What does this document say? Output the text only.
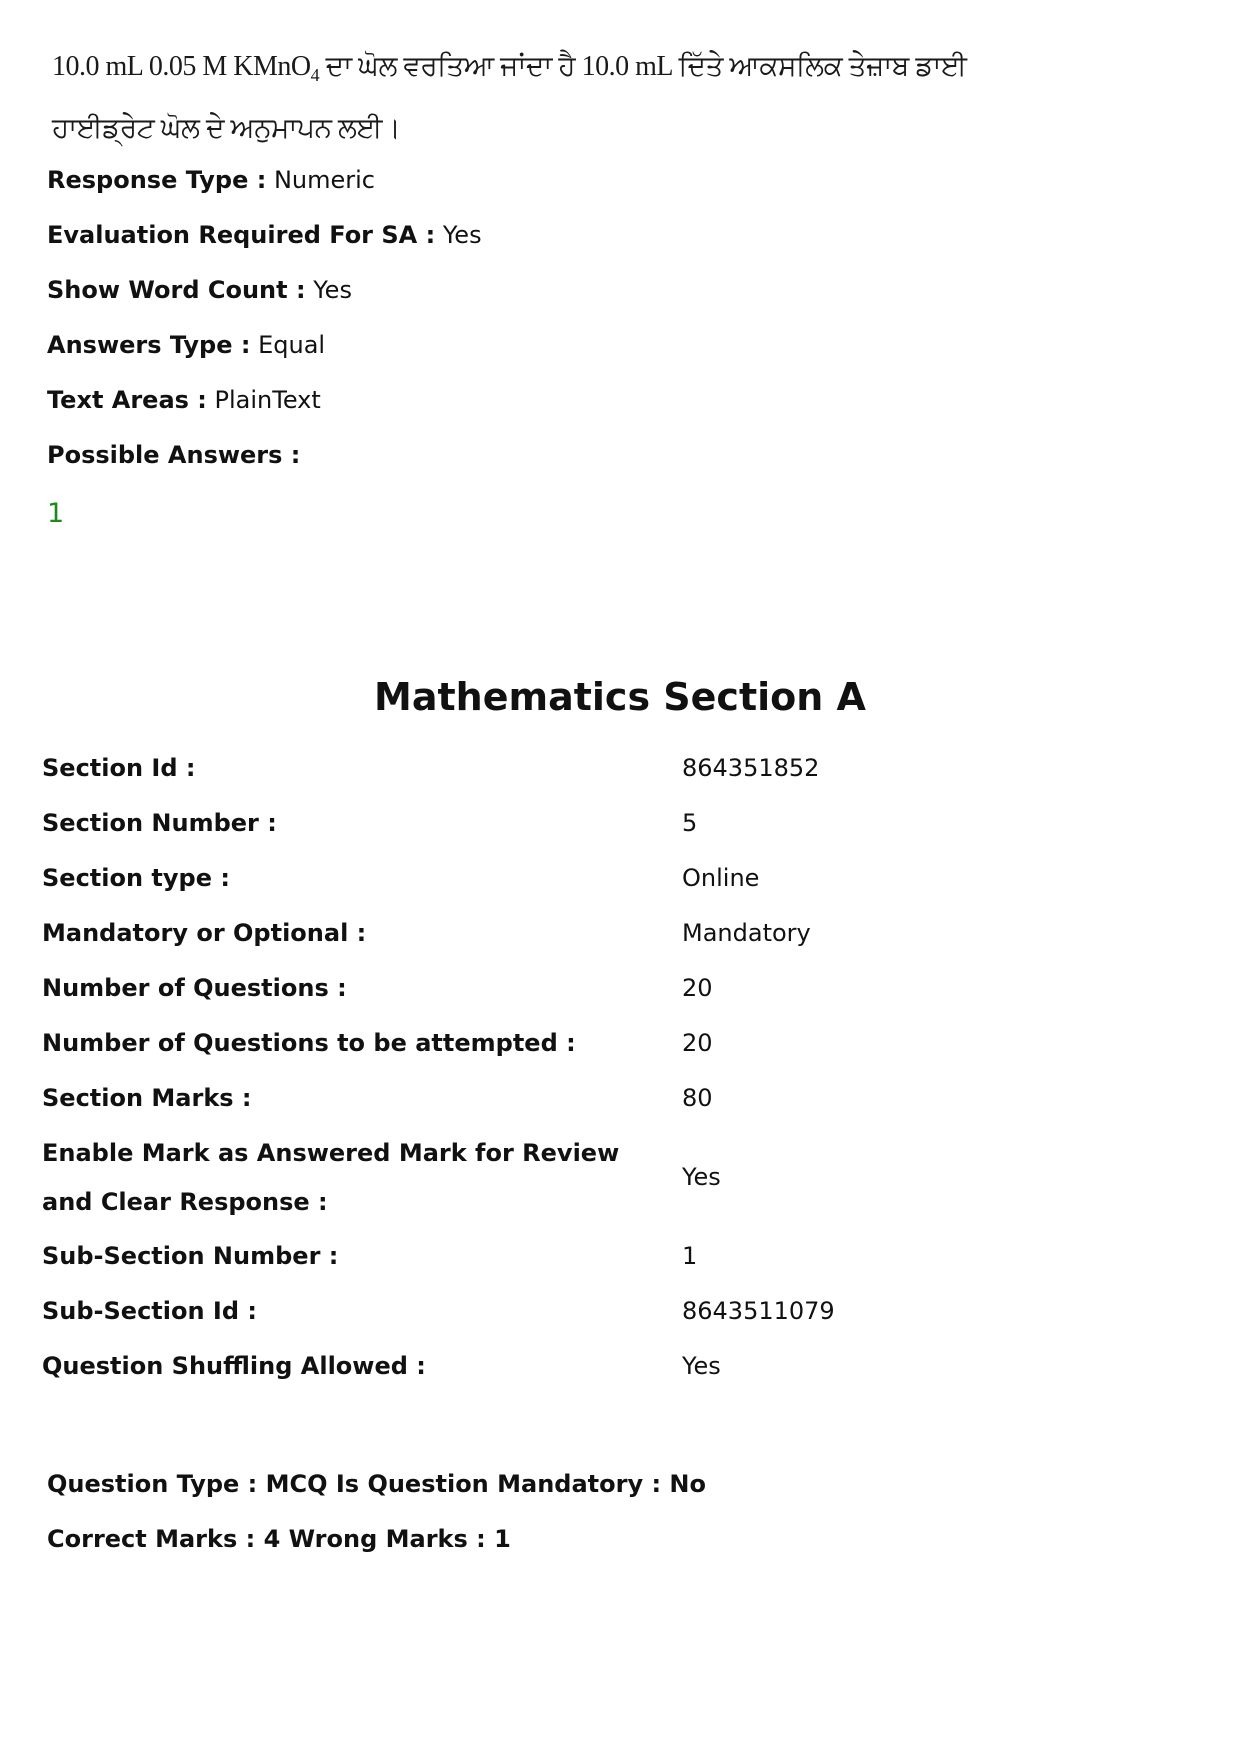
10.0 mL 0.05 M KMnO$_4$ ਦਾ ਘੋਲ ਵਰਤਿਆ ਜਾਂਦਾ ਹੈ 10.0 mL ਦਿੱਤੇ ਆਕਸਲਿਕ ਤੇਜ਼ਾਬ ਡਾਈ ਹਾਈਡ੍ਰੇਟ ਘੋਲ ਦੇ ਅਨੁਮਾਪਨ ਲਈ।
Response Type : Numeric
Evaluation Required For SA : Yes
Show Word Count : Yes
Answers Type : Equal
Text Areas : PlainText
Possible Answers :
1
Mathematics Section A
Section Id :	864351852
Section Number :	5
Section type :	Online
Mandatory or Optional :	Mandatory
Number of Questions :	20
Number of Questions to be attempted :	20
Section Marks :	80
Enable Mark as Answered Mark for Review and Clear Response :
Yes
Sub-Section Number :	1
Sub-Section Id :	8643511079
Question Shuffling Allowed :	Yes
Question Type : MCQ Is Question Mandatory : No
Correct Marks : 4 Wrong Marks : 1
